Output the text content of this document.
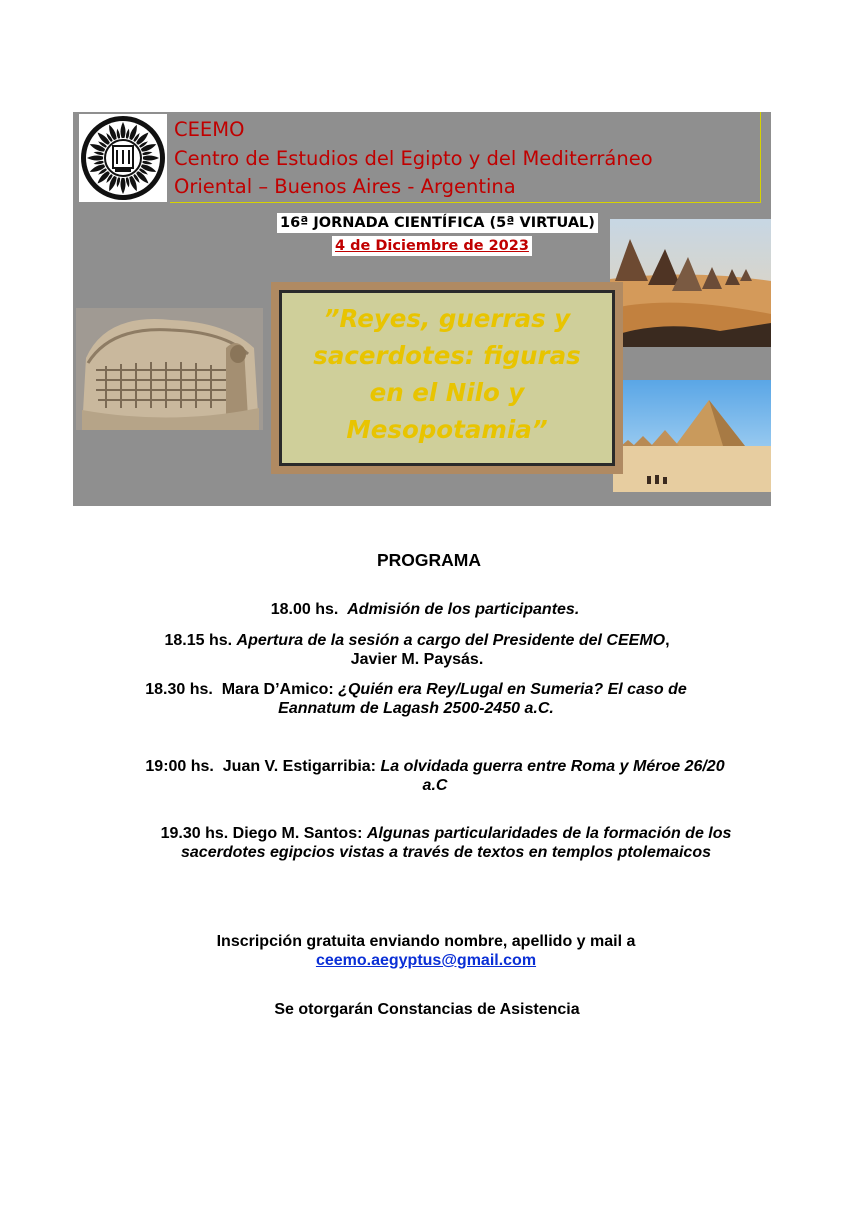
CEEMO
Centro de Estudios del Egipto y del Mediterráneo
Oriental – Buenos Aires - Argentina
16ª JORNADA CIENTÍFICA (5ª VIRTUAL)
4 de Diciembre de 2023
”Reyes, guerras y
sacerdotes: figuras
en el Nilo y
Mesopotamia”
PROGRAMA
18.00 hs. Admisión de los participantes.
18.15 hs. Apertura de la sesión a cargo del Presidente del CEEMO,
Javier M. Paysás.
18.30 hs. Mara D’Amico: ¿Quién era Rey/Lugal en Sumeria? El caso de
Eannatum de Lagash 2500-2450 a.C.
19:00 hs. Juan V. Estigarribia: La olvidada guerra entre Roma y Méroe 26/20
a.C
19.30 hs. Diego M. Santos: Algunas particularidades de la formación de los
sacerdotes egipcios vistas a través de textos en templos ptolemaicos
Inscripción gratuita enviando nombre, apellido y mail a
ceemo.aegyptus@gmail.com
Se otorgarán Constancias de Asistencia
